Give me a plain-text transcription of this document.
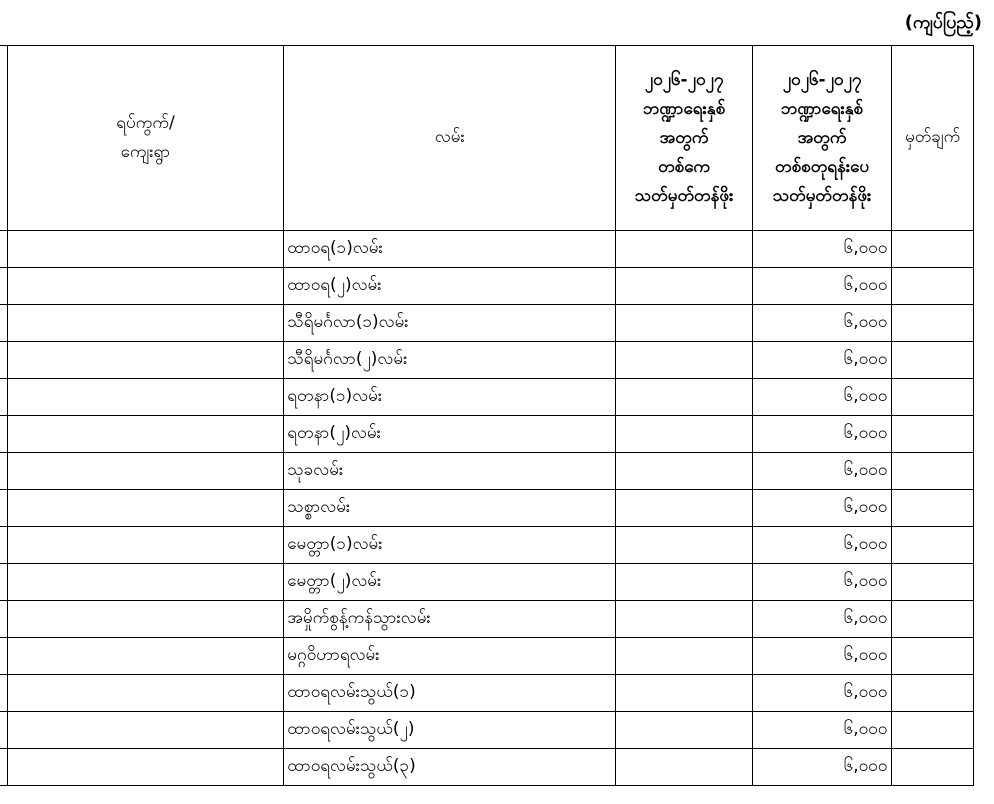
(ကျပ်ပြည့်)

	ရပ်ကွက်/
ကျေးရွာ	လမ်း	၂၀၂၆-၂၀၂၇
ဘဏ္ဍာရေးနှစ်
အတွက်
တစ်ကေ
သတ်မှတ်တန်ဖိုး	၂၀၂၆-၂၀၂၇
ဘဏ္ဍာရေးနှစ်
အတွက်
တစ်စတုရန်းပေ
သတ်မှတ်တန်ဖိုး	မှတ်ချက်
		ထာဝရ(၁)လမ်း		၆,၀၀၀	
		ထာဝရ(၂)လမ်း		၆,၀၀၀	
		သီရိမင်္ဂလာ(၁)လမ်း		၆,၀၀၀	
		သီရိမင်္ဂလာ(၂)လမ်း		၆,၀၀၀	
		ရတနာ(၁)လမ်း		၆,၀၀၀	
		ရတနာ(၂)လမ်း		၆,၀၀၀	
		သုခလမ်း		၆,၀၀၀	
		သစ္စာလမ်း		၆,၀၀၀	
		မေတ္တာ(၁)လမ်း		၆,၀၀၀	
		မေတ္တာ(၂)လမ်း		၆,၀၀၀	
		အမှိုက်စွန့်ကန်သွားလမ်း		၆,၀၀၀	
		မဂ္ဂဝိဟာရလမ်း		၆,၀၀၀	
		ထာဝရလမ်းသွယ်(၁)		၆,၀၀၀	
		ထာဝရလမ်းသွယ်(၂)		၆,၀၀၀	
		ထာဝရလမ်းသွယ်(၃)		၆,၀၀၀	
